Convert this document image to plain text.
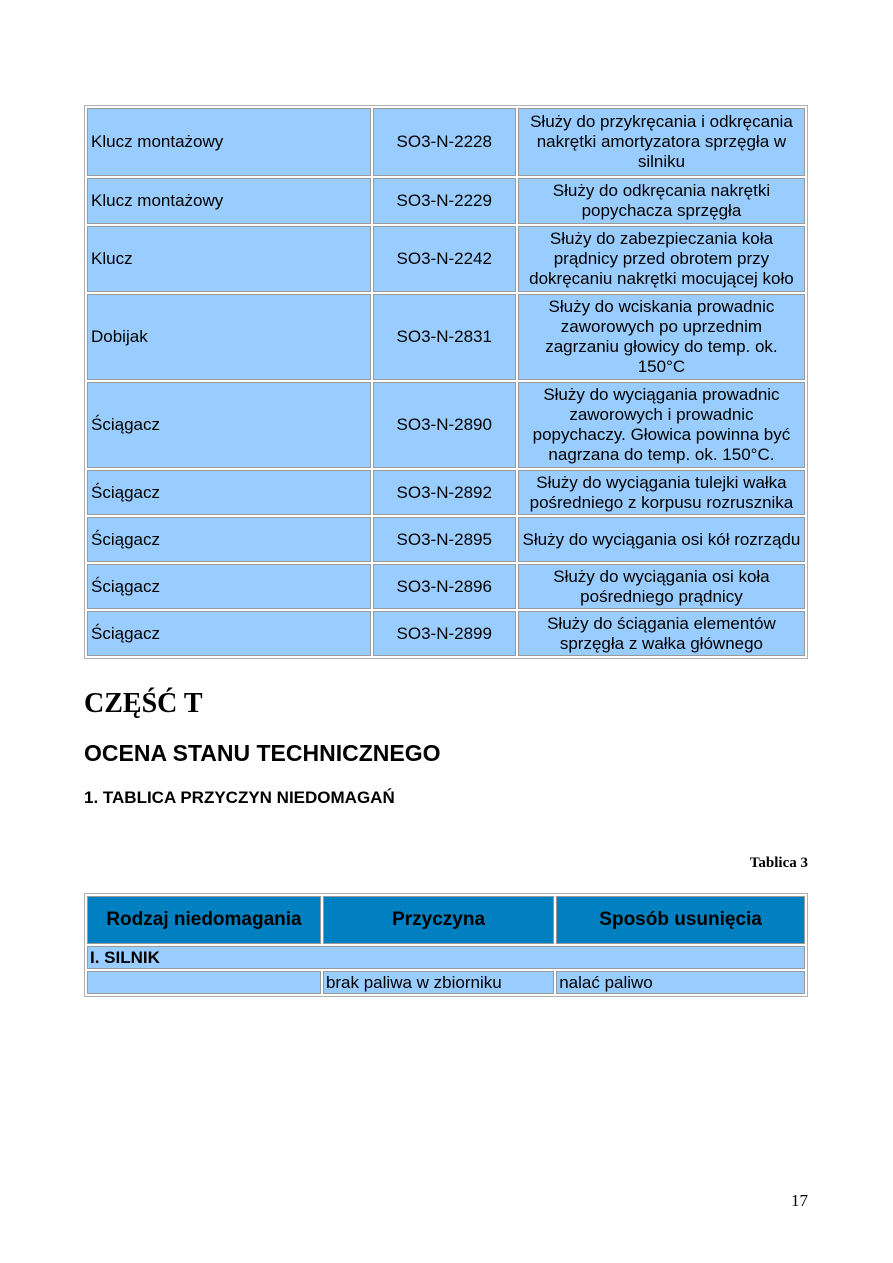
Klucz montażowy	SO3-N-2228	Służy do przykręcania i odkręcania nakrętki amortyzatora sprzęgła w silniku
Klucz montażowy	SO3-N-2229	Służy do odkręcania nakrętki popychacza sprzęgła
Klucz	SO3-N-2242	Służy do zabezpieczania koła prądnicy przed obrotem przy dokręcaniu nakrętki mocującej koło
Dobijak	SO3-N-2831	Służy do wciskania prowadnic zaworowych po uprzednim zagrzaniu głowicy do temp. ok. 150°C
Ściągacz	SO3-N-2890	Służy do wyciągania prowadnic zaworowych i prowadnic popychaczy. Głowica powinna być nagrzana do temp. ok. 150°C.
Ściągacz	SO3-N-2892	Służy do wyciągania tulejki wałka pośredniego z korpusu rozrusznika
Ściągacz	SO3-N-2895	Służy do wyciągania osi kół rozrządu
Ściągacz	SO3-N-2896	Służy do wyciągania osi koła pośredniego prądnicy
Ściągacz	SO3-N-2899	Służy do ściągania elementów sprzęgła z wałka głównego
CZĘŚĆ T
OCENA STANU TECHNICZNEGO
1. TABLICA PRZYCZYN NIEDOMAGAŃ
Tablica 3
Rodzaj niedomagania	Przyczyna	Sposób usunięcia
I. SILNIK		
	brak paliwa w zbiorniku	nalać paliwo
17
